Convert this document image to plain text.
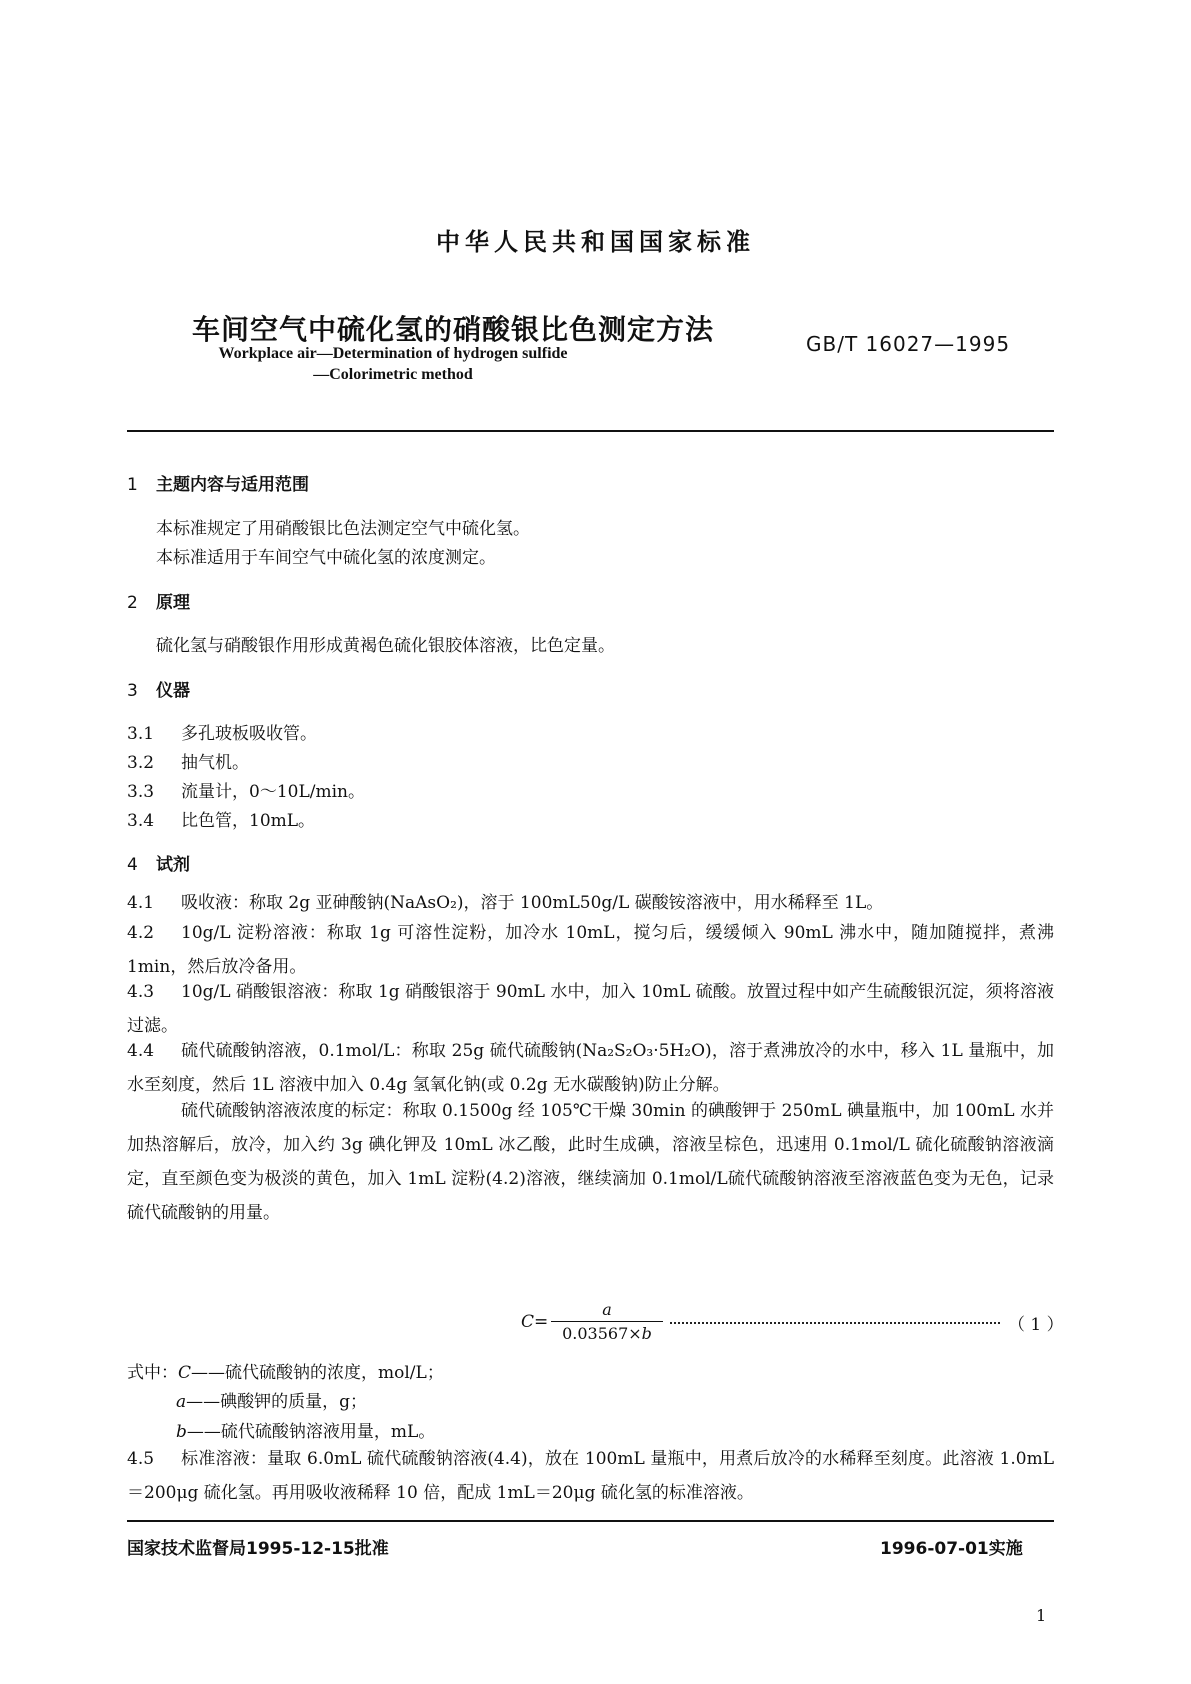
中华人民共和国国家标准
车间空气中硫化氢的硝酸银比色测定方法	GB/T 16027—1995
Workplace air—Determination of hydrogen sulfide
—Colorimetric method
1 主题内容与适用范围
本标准规定了用硝酸银比色法测定空气中硫化氢。
本标准适用于车间空气中硫化氢的浓度测定。
2 原理
硫化氢与硝酸银作用形成黄褐色硫化银胶体溶液，比色定量。
3 仪器
3.1 多孔玻板吸收管。
3.2 抽气机。
3.3 流量计，0～10L/min。
3.4 比色管，10mL。
4 试剂
4.1 吸收液：称取 2g 亚砷酸钠(NaAsO₂)，溶于 100mL50g/L 碳酸铵溶液中，用水稀释至 1L。
4.2 10g/L 淀粉溶液：称取 1g 可溶性淀粉，加冷水 10mL，搅匀后，缓缓倾入 90mL 沸水中，随加随搅拌，煮沸 1min，然后放冷备用。
4.3 10g/L 硝酸银溶液：称取 1g 硝酸银溶于 90mL 水中，加入 10mL 硫酸。放置过程中如产生硫酸银沉淀，须将溶液过滤。
4.4 硫代硫酸钠溶液，0.1mol/L：称取 25g 硫代硫酸钠(Na₂S₂O₃·5H₂O)，溶于煮沸放冷的水中，移入 1L 量瓶中，加水至刻度，然后 1L 溶液中加入 0.4g 氢氧化钠(或 0.2g 无水碳酸钠)防止分解。
硫代硫酸钠溶液浓度的标定：称取 0.1500g 经 105℃干燥 30min 的碘酸钾于 250mL 碘量瓶中，加 100mL 水并加热溶解后，放冷，加入约 3g 碘化钾及 10mL 冰乙酸，此时生成碘，溶液呈棕色，迅速用 0.1mol/L 硫化硫酸钠溶液滴定，直至颜色变为极淡的黄色，加入 1mL 淀粉(4.2)溶液，继续滴加 0.1mol/L硫代硫酸钠溶液至溶液蓝色变为无色，记录硫代硫酸钠的用量。
$C= \frac{a}{0.03567\times b}$	（ 1 ）
式中：C——硫代硫酸钠的浓度，mol/L；
a——碘酸钾的质量，g；
b——硫代硫酸钠溶液用量，mL。
4.5 标准溶液：量取 6.0mL 硫代硫酸钠溶液(4.4)，放在 100mL 量瓶中，用煮后放冷的水稀释至刻度。此溶液 1.0mL＝200μg 硫化氢。再用吸收液稀释 10 倍，配成 1mL＝20μg 硫化氢的标准溶液。
国家技术监督局1995-12-15批准	1996-07-01实施
1
